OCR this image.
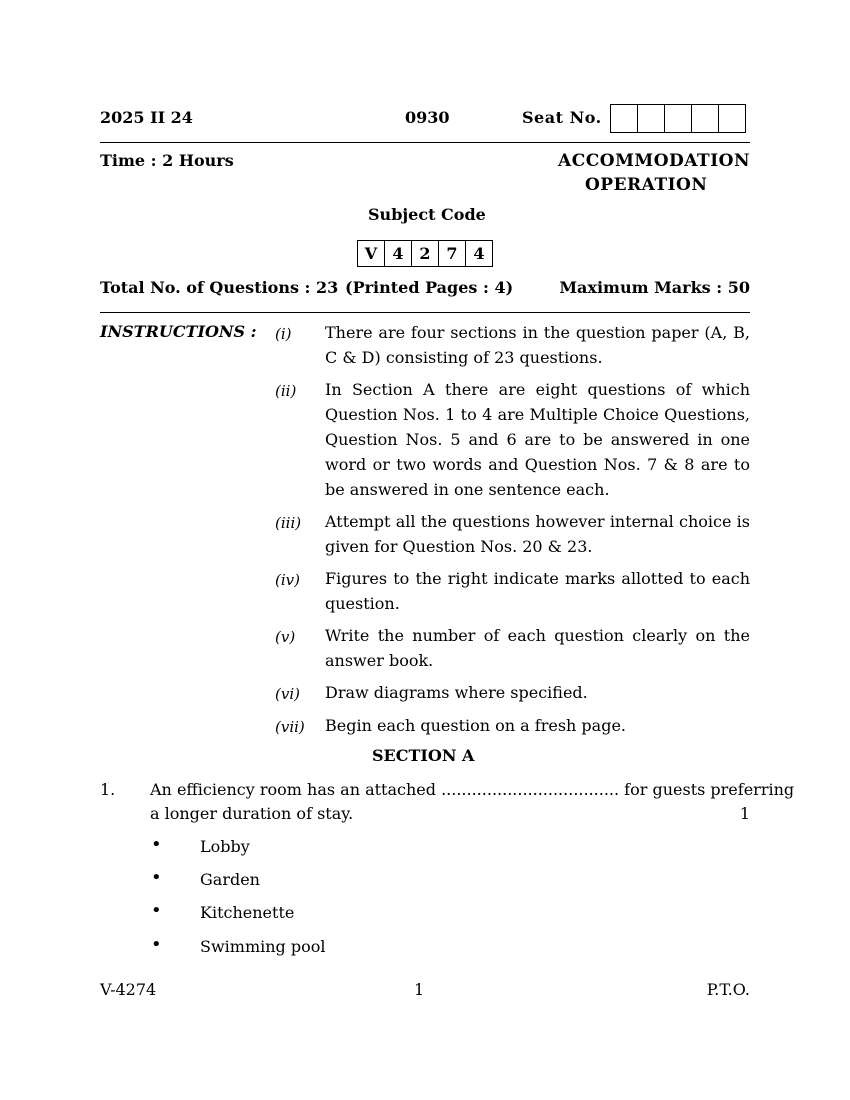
2025 II 24	0930	Seat No.
Time : 2 Hours	ACCOMMODATION
OPERATION
Subject Code
V 4 2 7 4
Total No. of Questions : 23 (Printed Pages : 4)	Maximum Marks : 50
INSTRUCTIONS : (i) There are four sections in the question paper (A, B, C & D) consisting of 23 questions.
(ii) In Section A there are eight questions of which Question Nos. 1 to 4 are Multiple Choice Questions, Question Nos. 5 and 6 are to be answered in one word or two words and Question Nos. 7 & 8 are to be answered in one sentence each.
(iii) Attempt all the questions however internal choice is given for Question Nos. 20 & 23.
(iv) Figures to the right indicate marks allotted to each question.
(v) Write the number of each question clearly on the answer book.
(vi) Draw diagrams where specified.
(vii) Begin each question on a fresh page.
SECTION A
1. An efficiency room has an attached ................................... for guests preferring
a longer duration of stay.	1
• Lobby
• Garden
• Kitchenette
• Swimming pool
V-4274	1	P.T.O.
